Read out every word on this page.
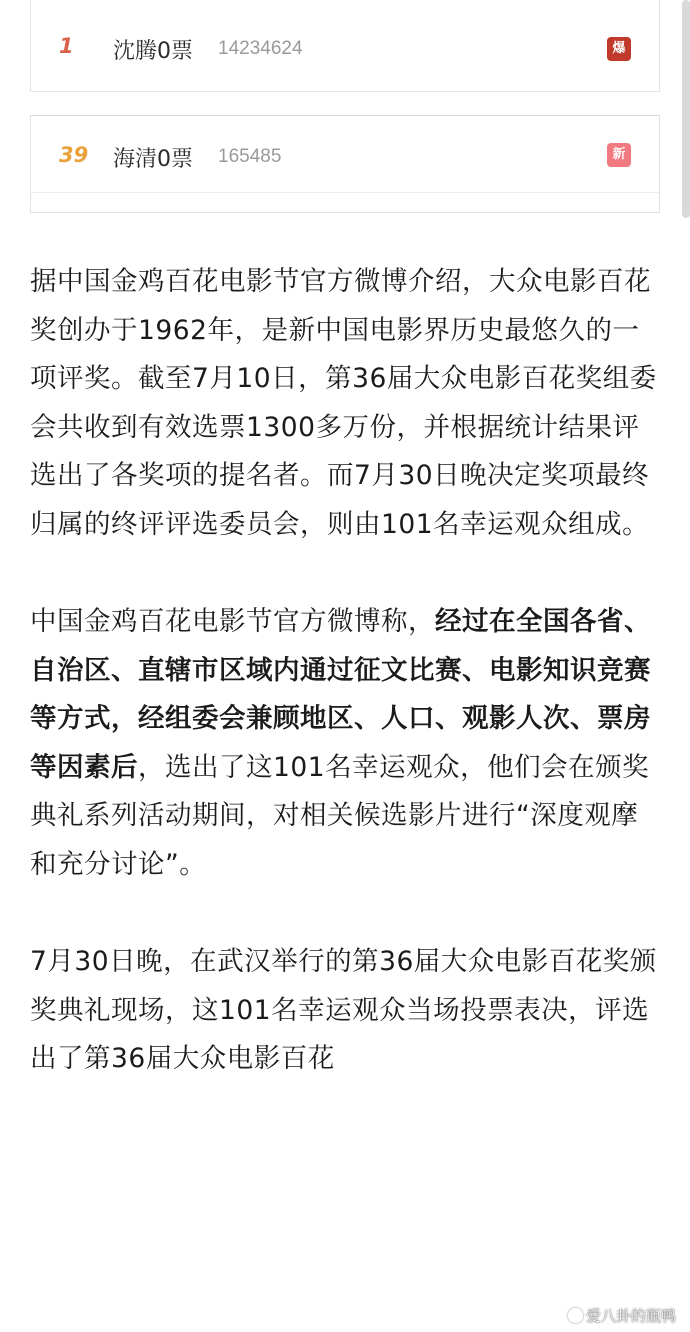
1 沈腾0票 14234624	爆
39 海清0票 165485	新

据中国金鸡百花电影节官方微博介绍，大众电影百花奖创办于1962年，是新中国电影界历史最悠久的一项评奖。截至7月10日，第36届大众电影百花奖组委会共收到有效选票1300多万份，并根据统计结果评选出了各奖项的提名者。而7月30日晚决定奖项最终归属的终评评选委员会，则由101名幸运观众组成。

中国金鸡百花电影节官方微博称，经过在全国各省、自治区、直辖市区域内通过征文比赛、电影知识竞赛等方式，经组委会兼顾地区、人口、观影人次、票房等因素后，选出了这101名幸运观众，他们会在颁奖典礼系列活动期间，对相关候选影片进行“深度观摩和充分讨论”。

7月30日晚，在武汉举行的第36届大众电影百花奖颁奖典礼现场，这101名幸运观众当场投票表决，评选出了第36届大众电影百花

爱八卦的瓶鸭
